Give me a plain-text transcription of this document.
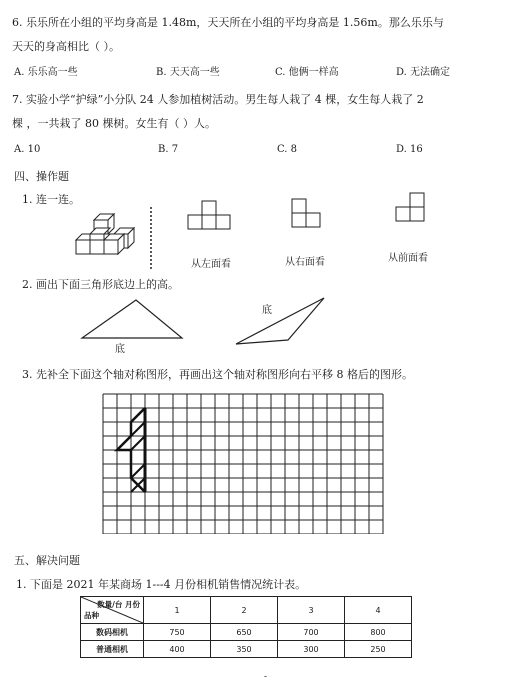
6. 乐乐所在小组的平均身高是 1.48m，天天所在小组的平均身高是 1.56m。那么乐乐与
天天的身高相比（ ）。
A. 乐乐高一些	B. 天天高一些	C. 他俩一样高	D. 无法确定
7. 实验小学“护绿”小分队 24 人参加植树活动。男生每人栽了 4 棵，女生每人栽了 2
棵 ，一共栽了 80 棵树。女生有（ ）人。
A. 10	B. 7	C. 8	D. 16
四、操作题
1. 连一连。
从左面看	从右面看	从前面看
2. 画出下面三角形底边上的高。
底
底
3. 先补全下面这个轴对称图形，再画出这个轴对称图形向右平移 8 格后的图形。
五、解决问题
1. 下面是 2021 年某商场 1---4 月份相机销售情况统计表。
数量/台 月份
品种	1	2	3	4
数码相机	750	650	700	800
普通相机	400	350	300	250
-
